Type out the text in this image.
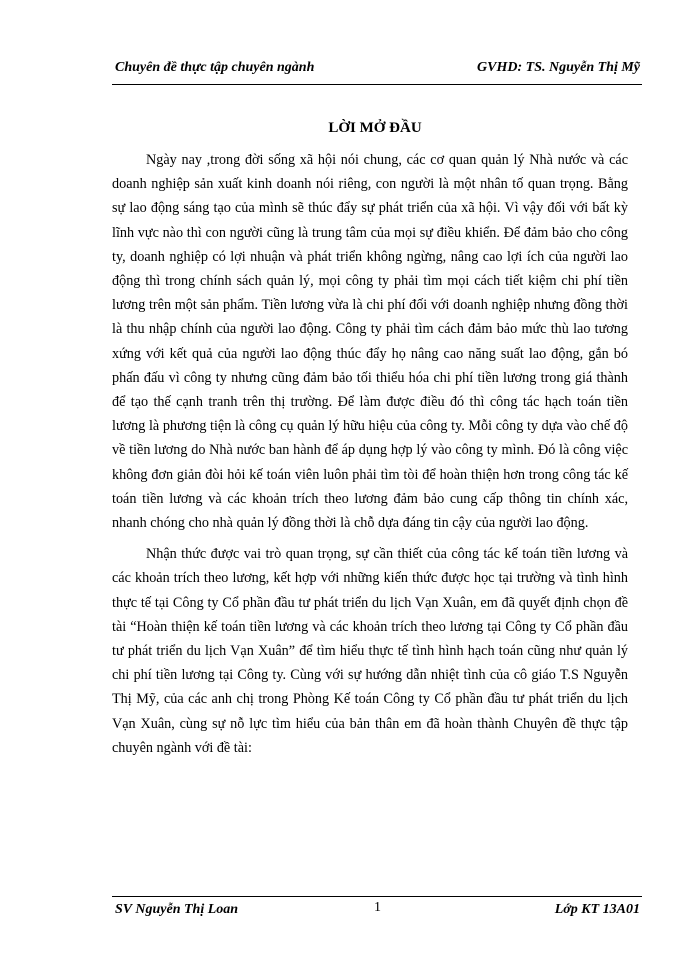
Chuyên đề thực tập chuyên ngành	GVHD: TS. Nguyễn Thị Mỹ
LỜI MỞ ĐẦU

Ngày nay ,trong đời sống xã hội nói chung, các cơ quan quản lý Nhà nước và các doanh nghiệp sản xuất kinh doanh nói riêng, con người là một nhân tố quan trọng. Bằng sự lao động sáng tạo của mình sẽ thúc đẩy sự phát triển của xã hội. Vì vậy đối với bất kỳ lĩnh vực nào thì con người cũng là trung tâm của mọi sự điều khiển. Để đảm bảo cho công ty, doanh nghiệp có lợi nhuận và phát triển không ngừng, nâng cao lợi ích của người lao động thì trong chính sách quản lý, mọi công ty phải tìm mọi cách tiết kiệm chi phí tiền lương trên một sản phẩm. Tiền lương vừa là chi phí đối với doanh nghiệp nhưng đồng thời là thu nhập chính của người lao động. Công ty phải tìm cách đảm bảo mức thù lao tương xứng với kết quả của người lao động thúc đẩy họ nâng cao năng suất lao động, gắn bó phấn đấu vì công ty nhưng cũng đảm bảo tối thiểu hóa chi phí tiền lương trong giá thành để tạo thế cạnh tranh trên thị trường. Để làm được điều đó thì công tác hạch toán tiền lương là phương tiện là công cụ quản lý hữu hiệu của công ty. Mỗi công ty dựa vào chế độ về tiền lương do Nhà nước ban hành để áp dụng hợp lý vào công ty mình. Đó là công việc không đơn giản đòi hỏi kế toán viên luôn phải tìm tòi để hoàn thiện hơn trong công tác kế toán tiền lương và các khoản trích theo lương đảm bảo cung cấp thông tin chính xác, nhanh chóng cho nhà quản lý đồng thời là chỗ dựa đáng tin cậy của người lao động.

Nhận thức được vai trò quan trọng, sự cần thiết của công tác kế toán tiền lương và các khoản trích theo lương, kết hợp với những kiến thức được học tại trường và tình hình thực tế tại Công ty Cổ phần đầu tư phát triển du lịch Vạn Xuân, em đã quyết định chọn đề tài “Hoàn thiện kế toán tiền lương và các khoản trích theo lương tại Công ty Cổ phần đầu tư phát triển du lịch Vạn Xuân” để tìm hiểu thực tế tình hình hạch toán cũng như quản lý chi phí tiền lương tại Công ty. Cùng với sự hướng dẫn nhiệt tình của cô giáo T.S Nguyễn Thị Mỹ, của các anh chị trong Phòng Kế toán Công ty Cổ phần đầu tư phát triển du lịch Vạn Xuân, cùng sự nỗ lực tìm hiểu của bản thân em đã hoàn thành Chuyên đề thực tập chuyên ngành với đề tài:

SV Nguyễn Thị Loan	1	Lớp KT 13A01
